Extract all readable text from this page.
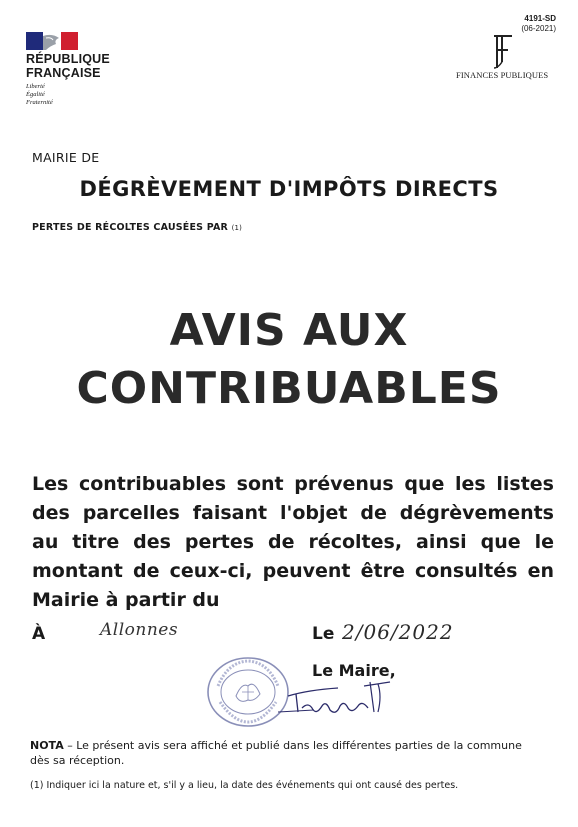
RÉPUBLIQUE
FRANÇAISE
Liberté
Égalité
Fraternité
4191-SD
(06-2021)
FINANCES PUBLIQUES
MAIRIE DE
DÉGRÈVEMENT D'IMPÔTS DIRECTS
PERTES DE RÉCOLTES CAUSÉES PAR (1)
AVIS AUX
CONTRIBUABLES
Les contribuables sont prévenus que les listes des parcelles faisant l'objet de dégrèvements au titre des pertes de récoltes, ainsi que le montant de ceux-ci, peuvent être consultés en Mairie à partir du
À	Allonnes	Le 2/06/2022
Le Maire,
NOTA – Le présent avis sera affiché et publié dans les différentes parties de la commune dès sa réception.
(1) Indiquer ici la nature et, s'il y a lieu, la date des événements qui ont causé des pertes.
